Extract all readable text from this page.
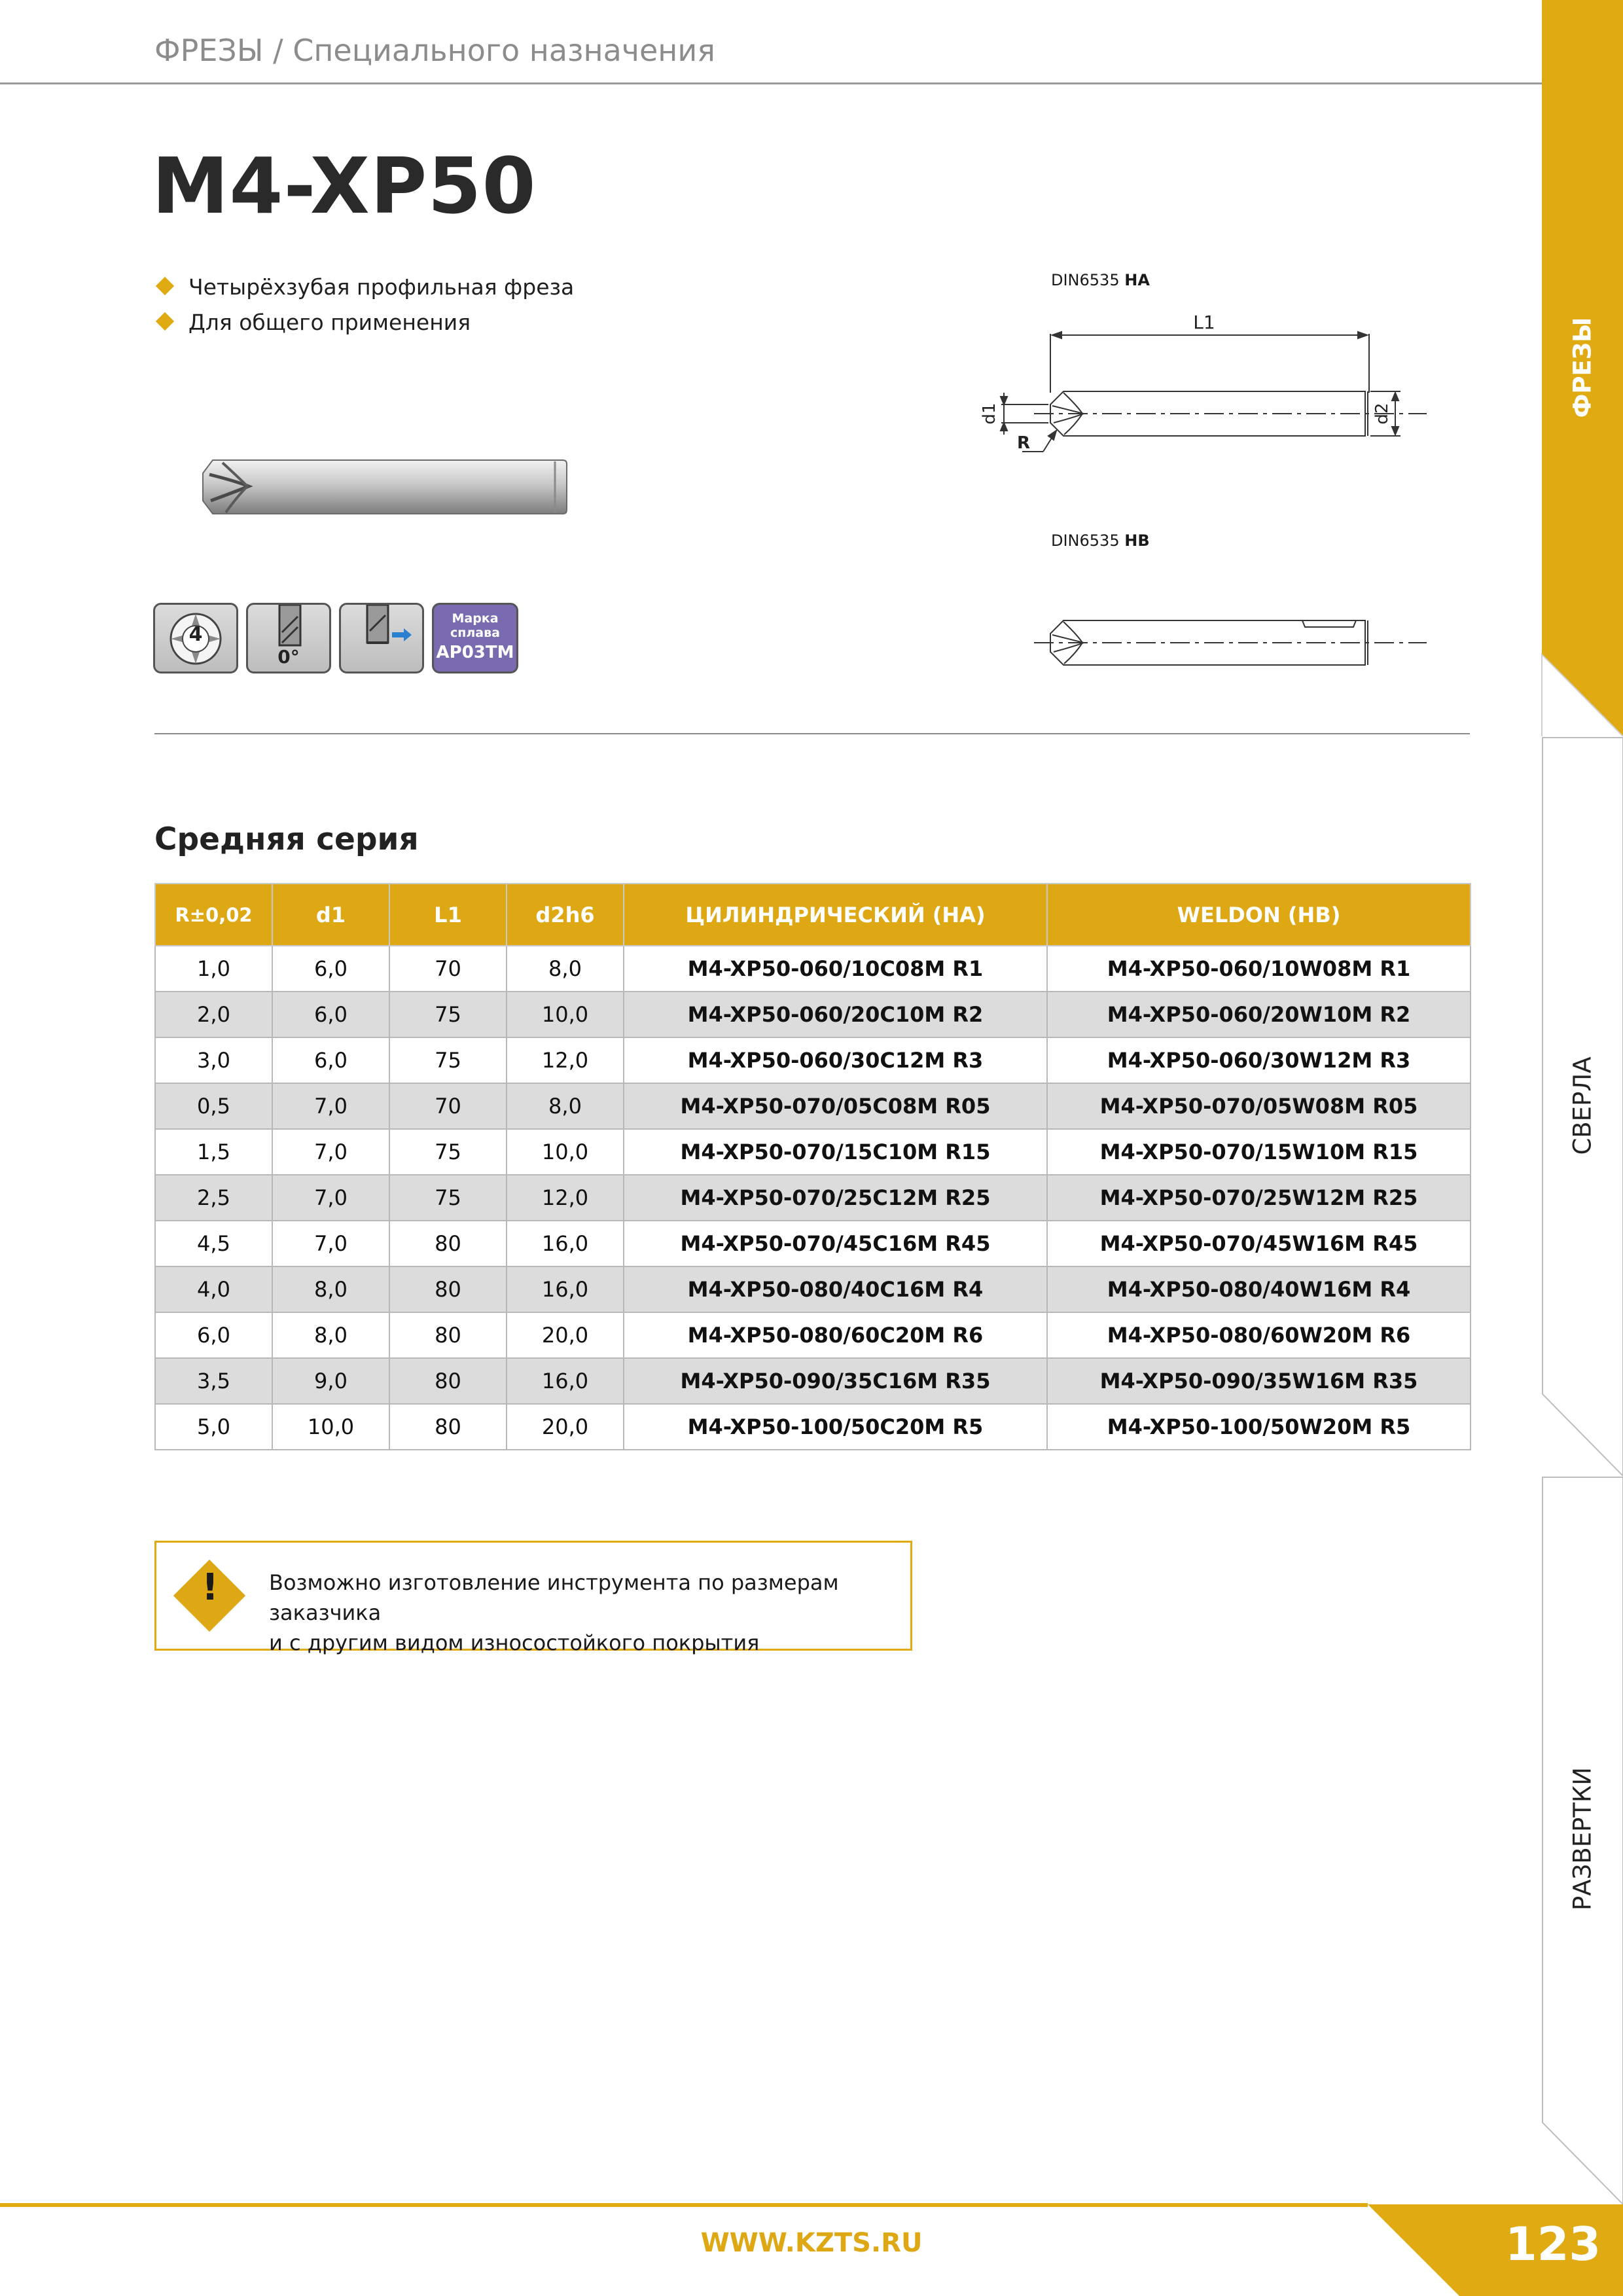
ФРЕЗЫ
СВЕРЛА
РАЗВЕРТКИ
ФРЕЗЫ / Специального назначения
M4-XP50
Четырёхзубая профильная фреза
Для общего применения
4
0°
Марка
сплава
AP03TM
DIN6535 HA
DIN6535 HB
L1
d1	d2
R
Средняя серия
R±0,02	d1	L1	d2h6	ЦИЛИНДРИЧЕСКИЙ (HA)	WELDON (HB)
1,0	6,0	70	8,0	M4-XP50-060/10C08M R1	M4-XP50-060/10W08M R1
2,0	6,0	75	10,0	M4-XP50-060/20C10M R2	M4-XP50-060/20W10M R2
3,0	6,0	75	12,0	M4-XP50-060/30C12M R3	M4-XP50-060/30W12M R3
0,5	7,0	70	8,0	M4-XP50-070/05C08M R05	M4-XP50-070/05W08M R05
1,5	7,0	75	10,0	M4-XP50-070/15C10M R15	M4-XP50-070/15W10M R15
2,5	7,0	75	12,0	M4-XP50-070/25C12M R25	M4-XP50-070/25W12M R25
4,5	7,0	80	16,0	M4-XP50-070/45C16M R45	M4-XP50-070/45W16M R45
4,0	8,0	80	16,0	M4-XP50-080/40C16M R4	M4-XP50-080/40W16M R4
6,0	8,0	80	20,0	M4-XP50-080/60C20M R6	M4-XP50-080/60W20M R6
3,5	9,0	80	16,0	M4-XP50-090/35C16M R35	M4-XP50-090/35W16M R35
5,0	10,0	80	20,0	M4-XP50-100/50C20M R5	M4-XP50-100/50W20M R5
! Возможно изготовление инструмента по размерам заказчика
и с другим видом износостойкого покрытия
WWW.KZTS.RU	123
